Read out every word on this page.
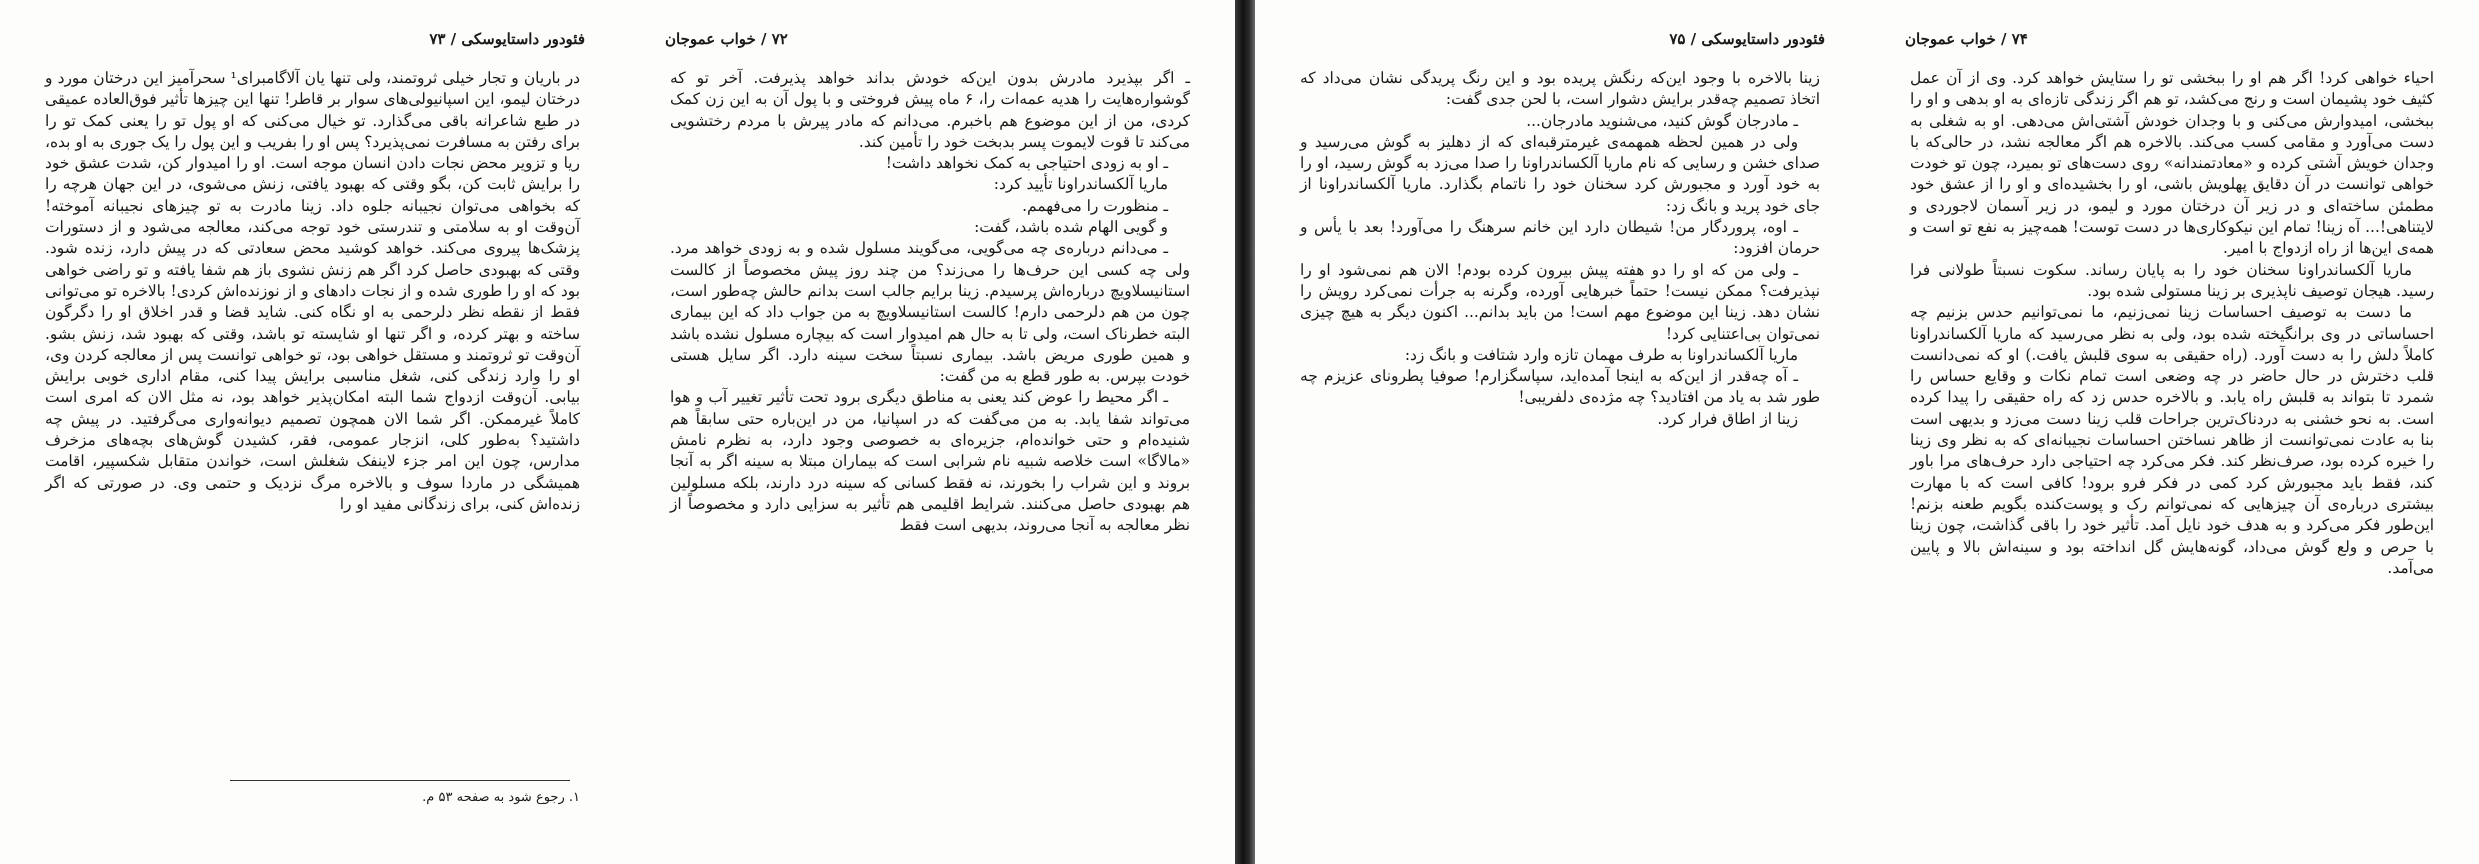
فئودور داستایوسکی / ۷۳

در باریان و تجار خیلی ثروتمند، ولی تنها یان آلاگامبرای¹ سحرآمیز این درختان مورد و درختان لیمو، این اسپانیولی‌های سوار بر قاطر! تنها این چیزها تأثیر فوق‌العاده عمیقی در طبع شاعرانه باقی می‌گذارد. تو خیال می‌کنی که او پول تو را یعنی کمک تو را برای رفتن به مسافرت نمی‌پذیرد؟ پس او را بفریب و این پول را یک جوری به او بده، ریا و تزویر محض نجات دادن انسان موجه است. او را امیدوار کن، شدت عشق خود را برایش ثابت کن، بگو وقتی که بهبود یافتی، زنش می‌شوی، در این جهان هرچه را که بخواهی می‌توان نجیبانه جلوه داد. زینا مادرت به تو چیزهای نجیبانه آموخته! آن‌وقت او به سلامتی و تندرستی خود توجه می‌کند، معالجه می‌شود و از دستورات پزشک‌ها پیروی می‌کند. خواهد کوشید محض سعادتی که در پیش دارد، زنده شود. وقتی که بهبودی حاصل کرد اگر هم زنش نشوی باز هم شفا یافته و تو راضی خواهی بود که او را طوری شده و از نجات دادهای و از نوزنده‌اش کردی! بالاخره تو می‌توانی فقط از نقطه نظر دلرحمی به او نگاه کنی. شاید قضا و قدر اخلاق او را دگرگون ساخته و بهتر کرده، و اگر تنها او شایسته تو باشد، وقتی که بهبود شد، زنش بشو. آن‌وقت تو ثروتمند و مستقل خواهی بود، تو خواهی توانست پس از معالجه کردن وی، او را وارد زندگی کنی، شغل مناسبی برایش پیدا کنی، مقام اداری خوبی برایش بیابی. آن‌وقت ازدواج شما البته امکان‌پذیر خواهد بود، نه مثل الان که امری است کاملاً غیرممکن. اگر شما الان همچون تصمیم دیوانه‌واری می‌گرفتید. در پیش چه داشتید؟ به‌طور کلی، انزجار عمومی، فقر، کشیدن گوش‌های بچه‌های مزخرف مدارس، چون این امر جزء لاینفک شغلش است، خواندن متقابل شکسپیر، اقامت همیشگی در ماردا سوف و بالاخره مرگ نزدیک و حتمی وی. در صورتی که اگر زنده‌اش کنی، برای زندگانی مفید او را

۱. رجوع شود به صفحه ۵۳ م.
۷۲ / خواب عموجان

ـ اگر بپذیرد مادرش بدون این‌که خودش بداند خواهد پذیرفت. آخر تو که گوشواره‌هایت را هدیه عمه‌ات را، ۶ ماه پیش فروختی و با پول آن به این زن کمک کردی، من از این موضوع هم باخبرم. می‌دانم که مادر پیرش با مردم رختشویی می‌کند تا قوت لایموت پسر بدبخت خود را تأمین کند.

ـ او به زودی احتیاجی به کمک نخواهد داشت!

ماریا آلکساندراونا تأیید کرد:

ـ منظورت را می‌فهمم.

و گویی الهام شده باشد، گفت:

ـ می‌دانم درباره‌ی چه می‌گویی، می‌گویند مسلول شده و به زودی خواهد مرد. ولی چه کسی این حرف‌ها را می‌زند؟ من چند روز پیش مخصوصاً از کالست استانیسلاویچ درباره‌اش پرسیدم. زینا برایم جالب است بدانم حالش چه‌طور است، چون من هم دلرحمی دارم! کالست استانیسلاویچ به من جواب داد که این بیماری البته خطرناک است، ولی تا به حال هم امیدوار است که بیچاره مسلول نشده باشد و همین طوری مریض باشد. بیماری نسبتاً سخت سینه دارد. اگر سایل هستی خودت بپرس. به طور قطع به من گفت:

ـ اگر محیط را عوض کند یعنی به مناطق دیگری برود تحت تأثیر تغییر آب و هوا می‌تواند شفا یابد. به من می‌گفت که در اسپانیا، من در این‌باره حتی سابقاً هم شنیده‌ام و حتی خوانده‌ام، جزیره‌ای به خصوصی وجود دارد، به نظرم نامش «مالاگا» است خلاصه شبیه نام شرابی است که بیماران مبتلا به سینه اگر به آنجا بروند و این شراب را بخورند، نه فقط کسانی که سینه درد دارند، بلکه مسلولین هم بهبودی حاصل می‌کنند. شرایط اقلیمی هم تأثیر به سزایی دارد و مخصوصاً از نظر معالجه به آنجا می‌روند، بدیهی است فقط

فئودور داستایوسکی / ۷۵

زینا بالاخره با وجود این‌که رنگش پریده بود و این رنگ پریدگی نشان می‌داد که اتخاذ تصمیم چه‌قدر برایش دشوار است، با لحن جدی گفت:

ـ مادرجان گوش کنید، می‌شنوید مادرجان...

ولی در همین لحظه همهمه‌ی غیرمترقبه‌ای که از دهلیز به گوش می‌رسید و صدای خشن و رسایی که نام ماریا آلکساندراونا را صدا می‌زد به گوش رسید، او را به خود آورد و مجبورش کرد سخنان خود را ناتمام بگذارد. ماریا آلکساندراونا از جای خود پرید و بانگ زد:

ـ اوه، پروردگار من! شیطان دارد این خانم سرهنگ را می‌آورد! بعد با یأس و حرمان افزود:

ـ ولی من که او را دو هفته پیش بیرون کرده بودم! الان هم نمی‌شود او را نپذیرفت؟ ممکن نیست! حتماً خبرهایی آورده، وگرنه به جرأت نمی‌کرد رویش را نشان دهد. زینا این موضوع مهم است! من باید بدانم... اکنون دیگر به هیچ چیزی نمی‌توان بی‌اعتنایی کرد!

ماریا آلکساندراونا به طرف مهمان تازه وارد شتافت و بانگ زد:

ـ آه چه‌قدر از این‌که به اینجا آمده‌اید، سپاسگزارم! صوفیا پطرونای عزیزم چه طور شد به یاد من افتادید؟ چه مژده‌ی دلفریبی!

زینا از اطاق فرار کرد.

۷۴ / خواب عموجان

احیاء خواهی کرد! اگر هم او را ببخشی تو را ستایش خواهد کرد. وی از آن عمل کثیف خود پشیمان است و رنج می‌کشد، تو هم اگر زندگی تازه‌ای به او بدهی و او را ببخشی، امیدوارش می‌کنی و با وجدان خودش آشتی‌اش می‌دهی. او به شغلی به دست می‌آورد و مقامی کسب می‌کند. بالاخره هم اگر معالجه نشد، در حالی‌که با وجدان خویش آشتی کرده و «معادتمندانه» روی دست‌های تو بمیرد، چون تو خودت خواهی توانست در آن دقایق پهلویش باشی، او را بخشیده‌ای و او را از عشق خود مطمئن ساخته‌ای و در زیر آن درختان مورد و لیمو، در زیر آسمان لاجوردی و لایتناهی!... آه زینا! تمام این نیکوکاری‌ها در دست توست! همه‌چیز به نفع تو است و همه‌ی این‌ها از راه ازدواج با امیر.

ماریا آلکساندراونا سخنان خود را به پایان رساند. سکوت نسبتاً طولانی فرا رسید. هیجان توصیف ناپذیری بر زینا مستولی شده بود.

ما دست به توصیف احساسات زینا نمی‌زنیم، ما نمی‌توانیم حدس بزنیم چه احساساتی در وی برانگیخته شده بود، ولی به نظر می‌رسید که ماریا آلکساندراونا کاملاً دلش را به دست آورد. (راه حقیقی به سوی قلبش یافت.) او که نمی‌دانست قلب دخترش در حال حاضر در چه وضعی است تمام نکات و وقایع حساس را شمرد تا بتواند به قلبش راه یابد. و بالاخره حدس زد که راه حقیقی را پیدا کرده است. به نحو خشنی به دردناک‌ترین جراحات قلب زینا دست می‌زد و بدیهی است بنا به عادت نمی‌توانست از ظاهر نساختن احساسات نجیبانه‌ای که به نظر وی زینا را خیره کرده بود، صرف‌نظر کند. فکر می‌کرد چه احتیاجی دارد حرف‌های مرا باور کند، فقط باید مجبورش کرد کمی در فکر فرو برود! کافی است که با مهارت بیشتری درباره‌ی آن چیزهایی که نمی‌توانم رک و پوست‌کنده بگویم طعنه بزنم! این‌طور فکر می‌کرد و به هدف خود نایل آمد. تأثیر خود را باقی گذاشت، چون زینا با حرص و ولع گوش می‌داد، گونه‌هایش گل انداخته بود و سینه‌اش بالا و پایین می‌آمد.
